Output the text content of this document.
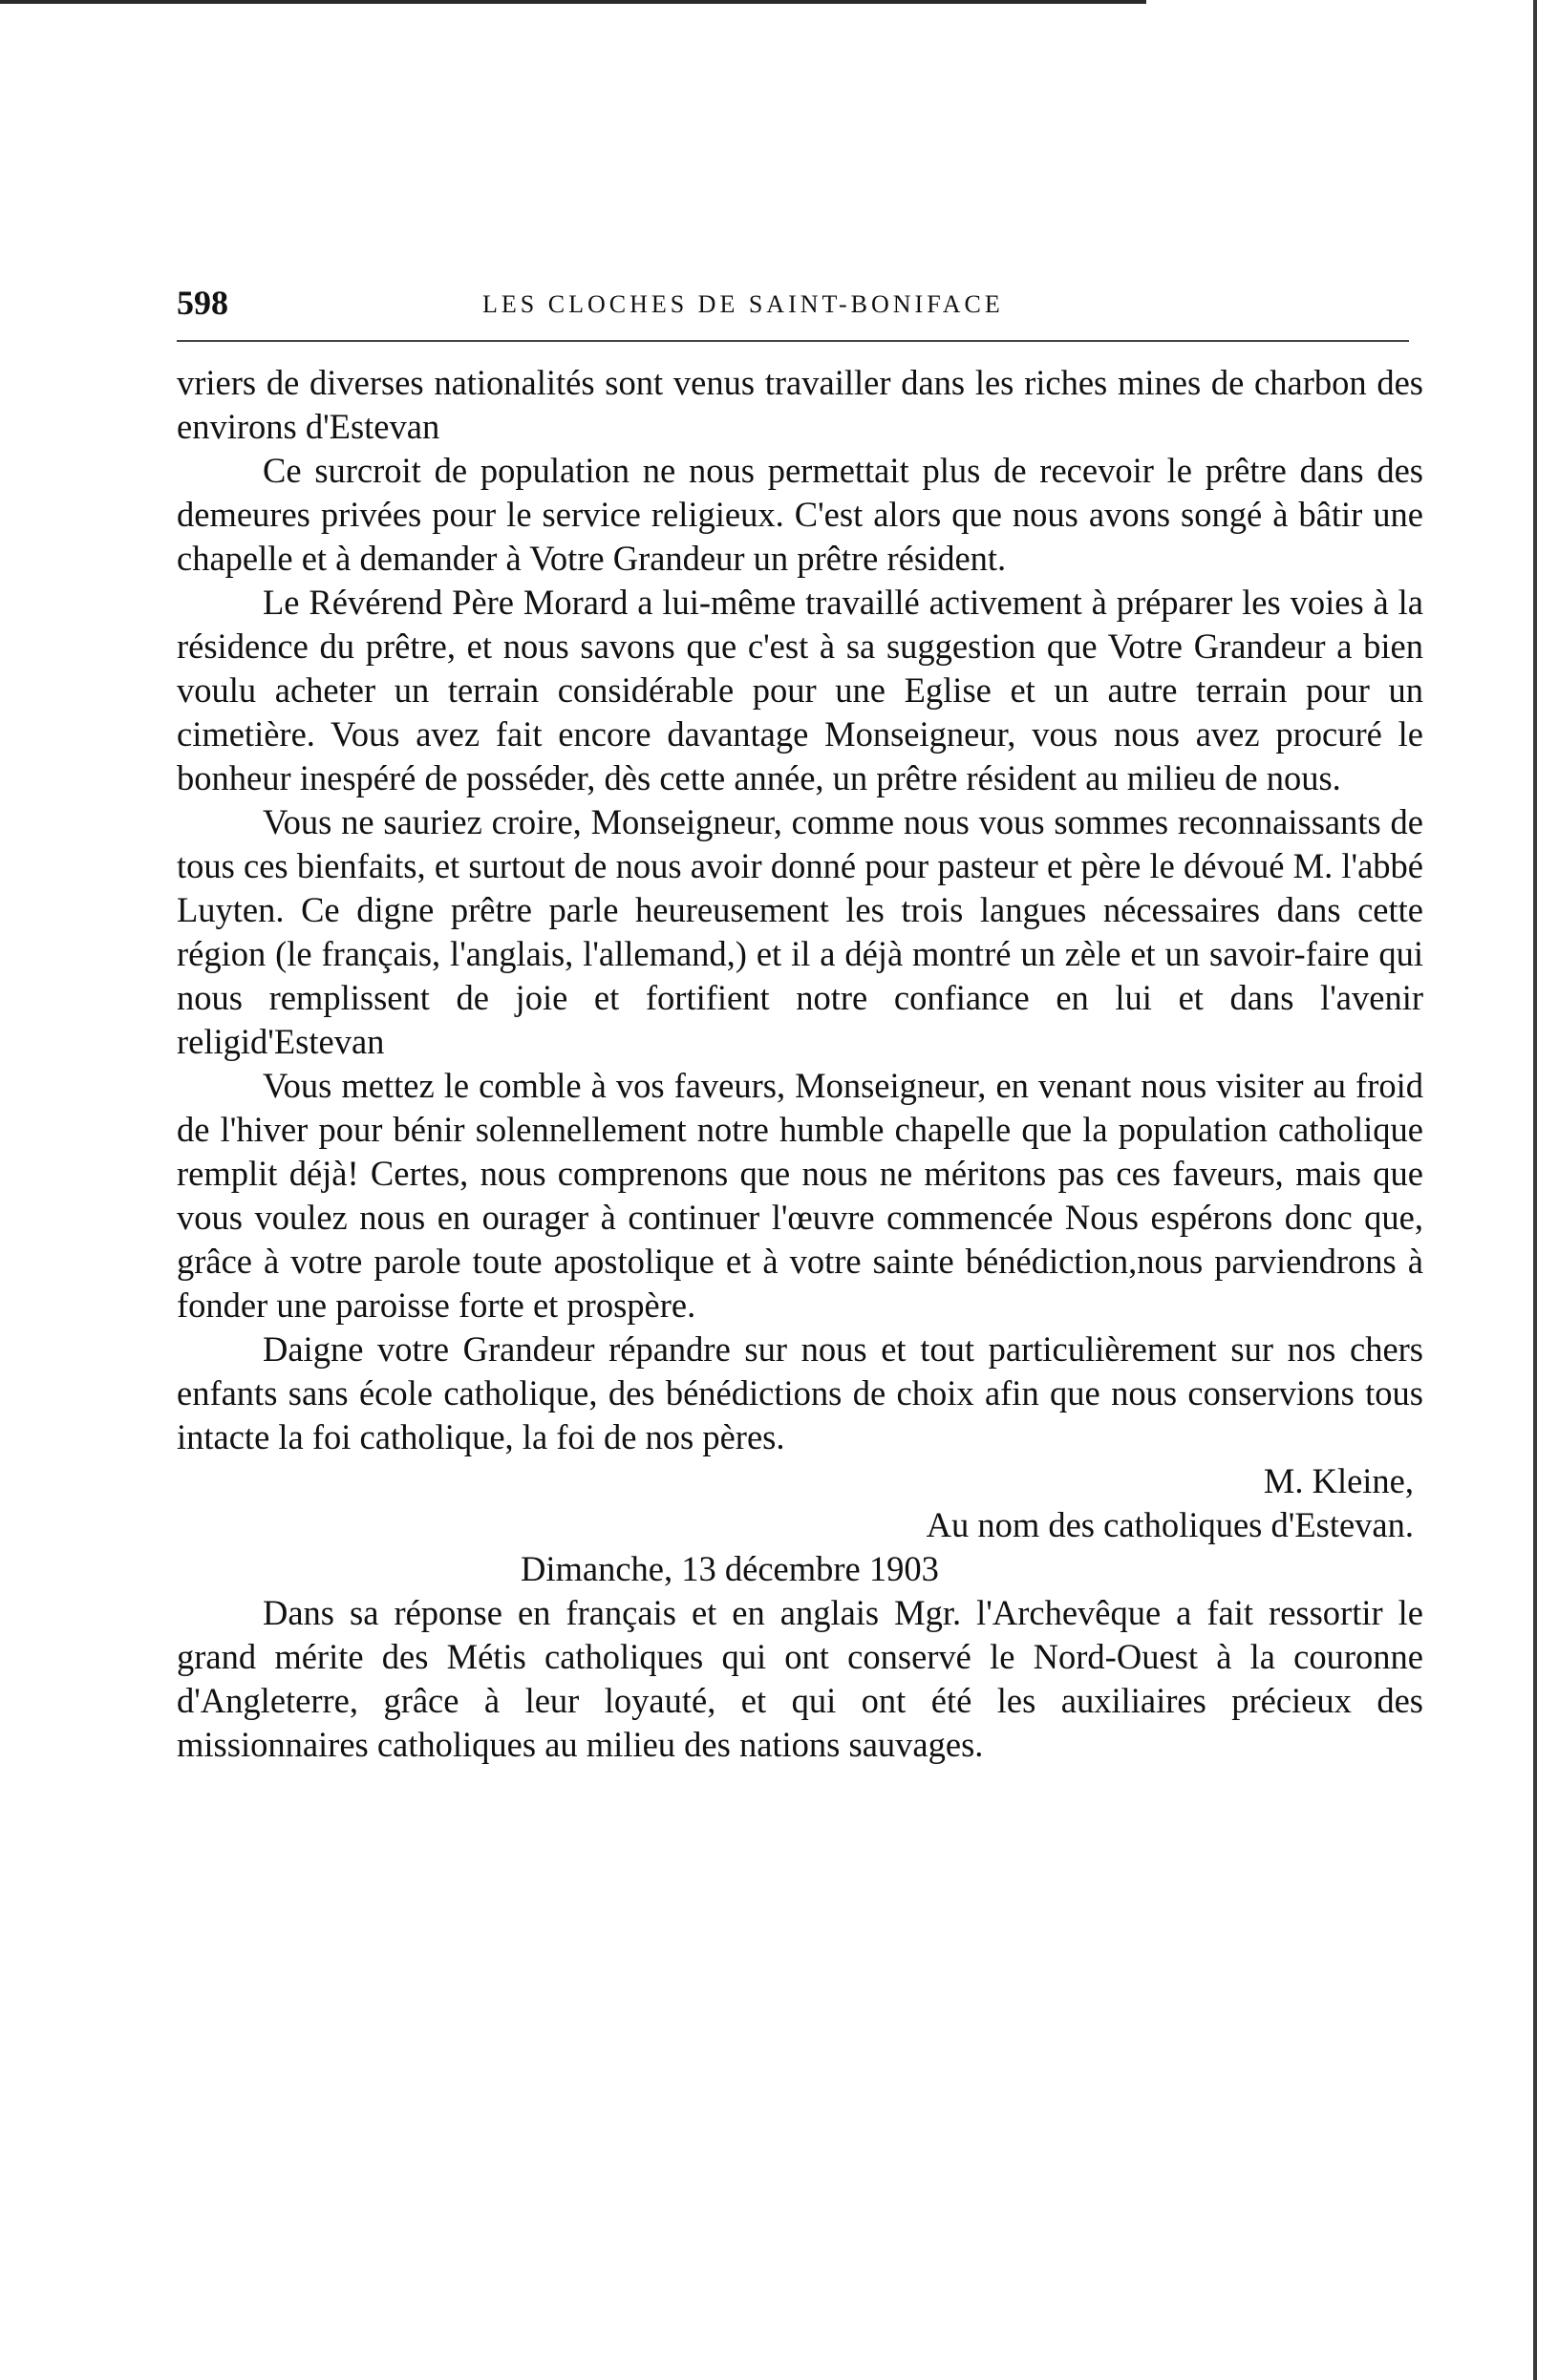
598	LES CLOCHES DE SAINT-BONIFACE

vriers de diverses nationalités sont venus travailler dans les riches mines de charbon des environs d'Estevan

Ce surcroit de population ne nous permettait plus de recevoir le prêtre dans des demeures privées pour le service religieux. C'est alors que nous avons songé à bâtir une chapelle et à demander à Votre Grandeur un prêtre résident.

Le Révérend Père Morard a lui-même travaillé activement à préparer les voies à la résidence du prêtre, et nous savons que c'est à sa suggestion que Votre Grandeur a bien voulu acheter un terrain considérable pour une Eglise et un autre terrain pour un cimetière. Vous avez fait encore davantage Monseigneur, vous nous avez procuré le bonheur inespéré de posséder, dès cette année, un prêtre résident au milieu de nous.

Vous ne sauriez croire, Monseigneur, comme nous vous sommes reconnaissants de tous ces bienfaits, et surtout de nous avoir donné pour pasteur et père le dévoué M. l'abbé Luyten. Ce digne prêtre parle heureusement les trois langues nécessaires dans cette région (le français, l'anglais, l'allemand,) et il a déjà montré un zèle et un savoir-faire qui nous remplissent de joie et fortifient notre confiance en lui et dans l'avenir religid'Estevan

Vous mettez le comble à vos faveurs, Monseigneur, en venant nous visiter au froid de l'hiver pour bénir solennellement notre humble chapelle que la population catholique remplit déjà! Certes, nous comprenons que nous ne méritons pas ces faveurs, mais que vous voulez nous en ourager à continuer l'œuvre commencée Nous espérons donc que, grâce à votre parole toute apostolique et à votre sainte bénédiction,nous parviendrons à fonder une paroisse forte et prospère.

Daigne votre Grandeur répandre sur nous et tout particulièrement sur nos chers enfants sans école catholique, des bénédictions de choix afin que nous conservions tous intacte la foi catholique, la foi de nos pères.

M. Kleine,
Au nom des catholiques d'Estevan.
Dimanche, 13 décembre 1903

Dans sa réponse en français et en anglais Mgr. l'Archevêque a fait ressortir le grand mérite des Métis catholiques qui ont conservé le Nord-Ouest à la couronne d'Angleterre, grâce à leur loyauté, et qui ont été les auxiliaires précieux des missionnaires catholiques au milieu des nations sauvages.
